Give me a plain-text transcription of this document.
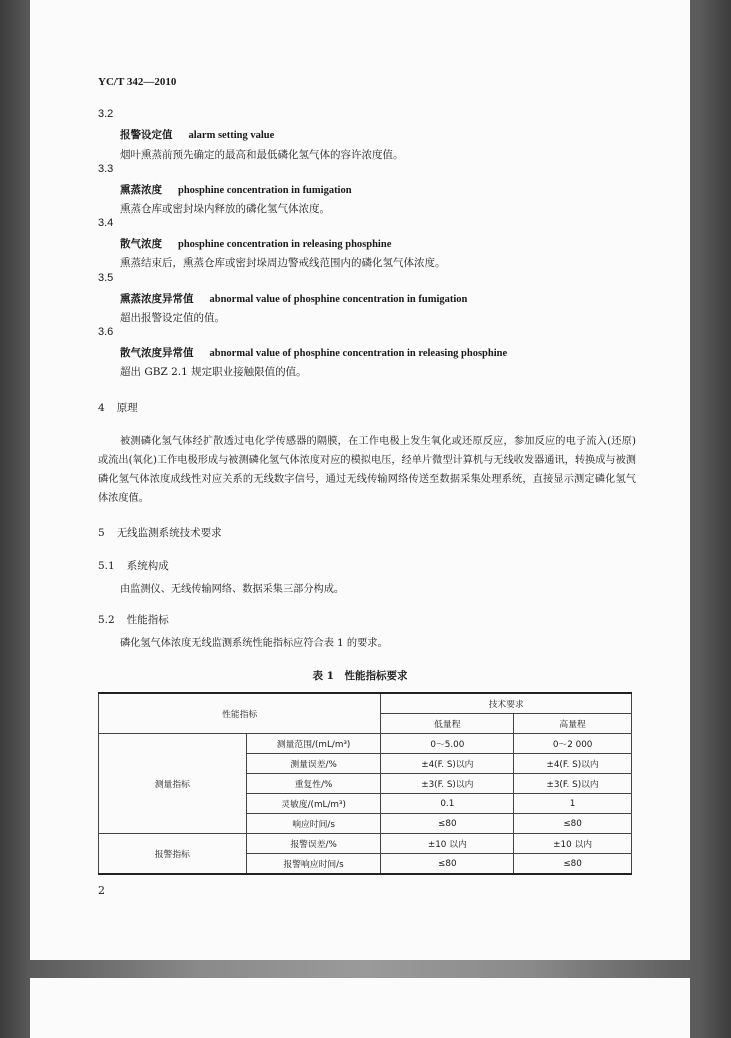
YC/T 342—2010
3.2
报警设定值 alarm setting value
烟叶熏蒸前预先确定的最高和最低磷化氢气体的容许浓度值。
3.3
熏蒸浓度 phosphine concentration in fumigation
熏蒸仓库或密封垛内释放的磷化氢气体浓度。
3.4
散气浓度 phosphine concentration in releasing phosphine
熏蒸结束后，熏蒸仓库或密封垛周边警戒线范围内的磷化氢气体浓度。
3.5
熏蒸浓度异常值 abnormal value of phosphine concentration in fumigation
超出报警设定值的值。
3.6
散气浓度异常值 abnormal value of phosphine concentration in releasing phosphine
超出 GBZ 2.1 规定职业接触限值的值。
4 原理
被测磷化氢气体经扩散透过电化学传感器的隔膜，在工作电极上发生氧化或还原反应，参加反应的电子流入(还原)或流出(氧化)工作电极形成与被测磷化氢气体浓度对应的模拟电压，经单片微型计算机与无线收发器通讯，转换成与被测磷化氢气体浓度成线性对应关系的无线数字信号，通过无线传输网络传送至数据采集处理系统，直接显示测定磷化氢气体浓度值。
5 无线监测系统技术要求
5.1 系统构成
由监测仪、无线传输网络、数据采集三部分构成。
5.2 性能指标
磷化氢气体浓度无线监测系统性能指标应符合表 1 的要求。
表 1　性能指标要求
性能指标		技术要求	
		低量程	高量程
测量指标	测量范围/(mL/m³)	0～5.00	0～2 000
	测量误差/%	±4(F. S)以内	±4(F. S)以内
	重复性/%	±3(F. S)以内	±3(F. S)以内
	灵敏度/(mL/m³)	0.1	1
	响应时间/s	≤80	≤80
报警指标	报警误差/%	±10 以内	±10 以内
	报警响应时间/s	≤80	≤80
2
